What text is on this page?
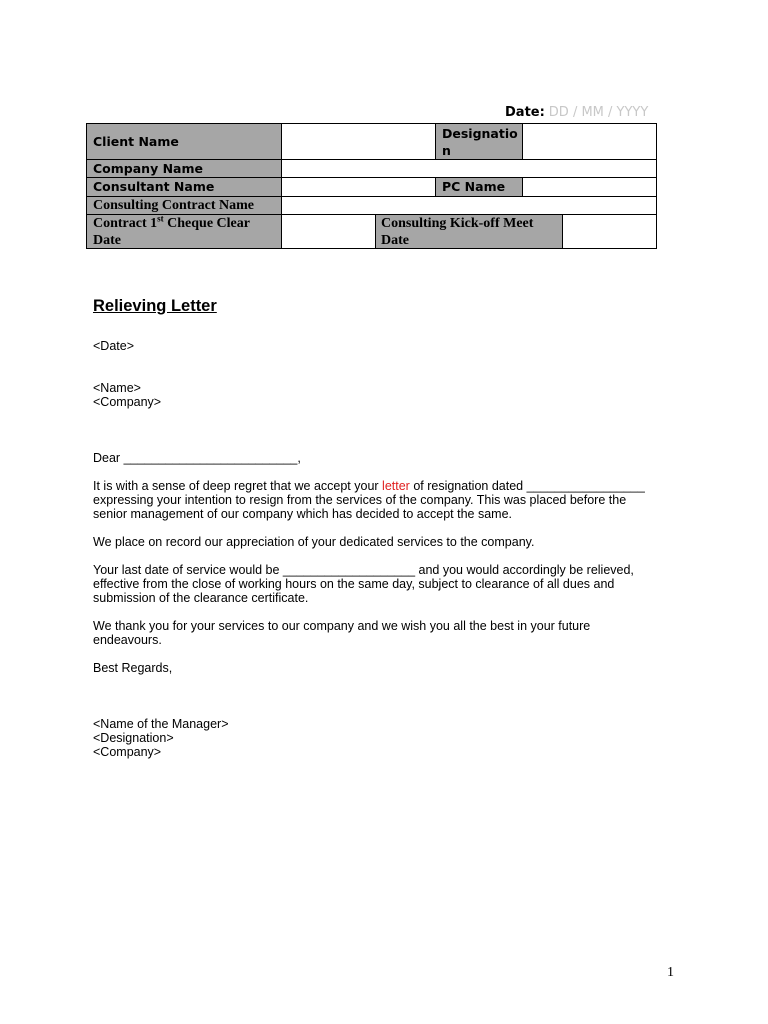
Date: DD / MM / YYYY
Client Name
Designatio
n
Company Name
Consultant Name	PC Name
Consulting Contract Name
Contract 1st Cheque Clear
Date
Consulting Kick-off Meet
Date
Relieving Letter
<Date>
<Name>
<Company>
Dear _________________________,
It is with a sense of deep regret that we accept your letter of resignation dated _________________
expressing your intention to resign from the services of the company. This was placed before the
senior management of our company which has decided to accept the same.
We place on record our appreciation of your dedicated services to the company.
Your last date of service would be ___________________ and you would accordingly be relieved,
effective from the close of working hours on the same day, subject to clearance of all dues and
submission of the clearance certificate.
We thank you for your services to our company and we wish you all the best in your future
endeavours.
Best Regards,
<Name of the Manager>
<Designation>
<Company>
1
